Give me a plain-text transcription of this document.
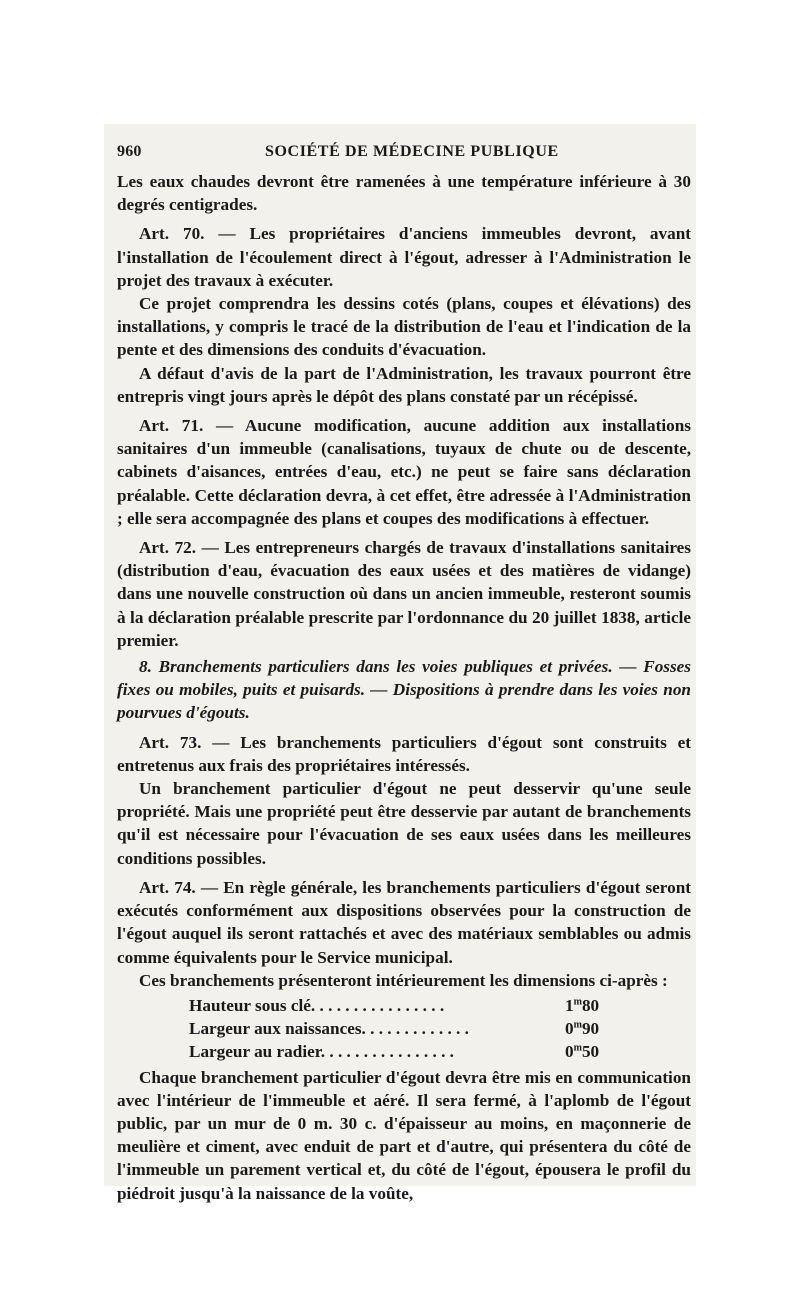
960	SOCIÉTÉ DE MÉDECINE PUBLIQUE

Les eaux chaudes devront être ramenées à une température inférieure à 30 degrés centigrades.

Art. 70. — Les propriétaires d'anciens immeubles devront, avant l'installation de l'écoulement direct à l'égout, adresser à l'Administration le projet des travaux à exécuter.

Ce projet comprendra les dessins cotés (plans, coupes et élévations) des installations, y compris le tracé de la distribution de l'eau et l'indication de la pente et des dimensions des conduits d'évacuation.

A défaut d'avis de la part de l'Administration, les travaux pourront être entrepris vingt jours après le dépôt des plans constaté par un récépissé.

Art. 71. — Aucune modification, aucune addition aux installations sanitaires d'un immeuble (canalisations, tuyaux de chute ou de descente, cabinets d'aisances, entrées d'eau, etc.) ne peut se faire sans déclaration préalable. Cette déclaration devra, à cet effet, être adressée à l'Administration ; elle sera accompagnée des plans et coupes des modifications à effectuer.

Art. 72. — Les entrepreneurs chargés de travaux d'installations sanitaires (distribution d'eau, évacuation des eaux usées et des matières de vidange) dans une nouvelle construction où dans un ancien immeuble, resteront soumis à la déclaration préalable prescrite par l'ordonnance du 20 juillet 1838, article premier.

8. Branchements particuliers dans les voies publiques et privées. — Fosses fixes ou mobiles, puits et puisards. — Dispositions à prendre dans les voies non pourvues d'égouts.

Art. 73. — Les branchements particuliers d'égout sont construits et entretenus aux frais des propriétaires intéressés.

Un branchement particulier d'égout ne peut desservir qu'une seule propriété. Mais une propriété peut être desservie par autant de branchements qu'il est nécessaire pour l'évacuation de ses eaux usées dans les meilleures conditions possibles.

Art. 74. — En règle générale, les branchements particuliers d'égout seront exécutés conformément aux dispositions observées pour la construction de l'égout auquel ils seront rattachés et avec des matériaux semblables ou admis comme équivalents pour le Service municipal.

Ces branchements présenteront intérieurement les dimensions ci-après :

Hauteur sous clé. . . . . . . . . . . . . . . .	1$^m$80
Largeur aux naissances. . . . . . . . . . . . .	0$^m$90
Largeur au radier. . . . . . . . . . . . . . . .	0$^m$50

Chaque branchement particulier d'égout devra être mis en communication avec l'intérieur de l'immeuble et aéré. Il sera fermé, à l'aplomb de l'égout public, par un mur de 0 m. 30 c. d'épaisseur au moins, en maçonnerie de meulière et ciment, avec enduit de part et d'autre, qui présentera du côté de l'immeuble un parement vertical et, du côté de l'égout, épousera le profil du piédroit jusqu'à la naissance de la voûte,
